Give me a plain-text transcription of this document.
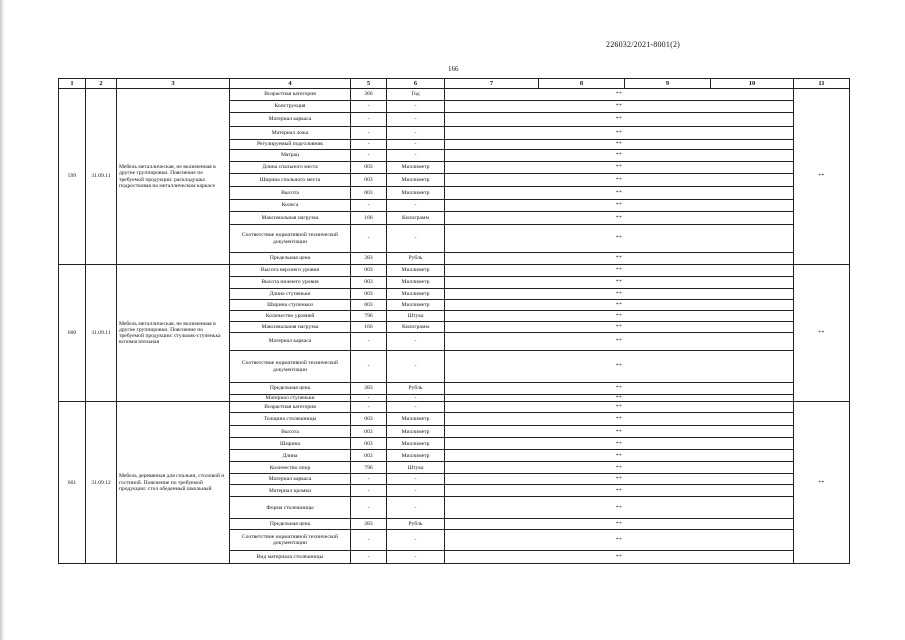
226032/2021-8001(2)
166
1	2	3	4	5	6	7	8	9	10	11
599	31.09.11	Мебель металлическая, не включенная в другие группировки. Пояснение по требуемой продукции: раскладушка подростковая на металлическом каркасе	Возрастная категория	366	Год	**				**
			Конструкция	-	-	**				
			Материал каркаса	-	-	**				
			Материал ложа	-	-	**				
			Регулируемый подголовник	-	-	**				
			Матрац	-	-	**				
			Длина спального места	003	Миллиметр	**				
			Ширина спального места	003	Миллиметр	**				
			Высота	003	Миллиметр	**				
			Колеса	-	-	**				
			Максимальная нагрузка	166	Килограмм	**				
			Соответствие нормативной технической документации	-	-	**				
			Предельная цена	383	Рубль	**				
600	31.09.11	Мебель металлическая, не включенная в другие группировки. Пояснение по требуемой продукции: стульчик-ступенька вспомогательная	Высота верхнего уровня	003	Миллиметр	**				**
			Высота нижнего уровня	003	Миллиметр	**				
			Длина ступеньки	003	Миллиметр	**				
			Ширина ступеньки	003	Миллиметр	**				
			Количество уровней	796	Штука	**				
			Максимальная нагрузка	166	Килограмм	**				
			Материал каркаса	-	-	**				
			Соответствие нормативной технической документации	-	-	**				
			Предельная цена	383	Рубль	**				
			Материал ступеньки	-	-	**				
601	31.09.12	Мебель деревянная для спальни, столовой и гостиной. Пояснение по требуемой продукции: стол обеденный школьный	Возрастная категория	-	-	**				**
			Толщина столешницы	003	Миллиметр	**				
			Высота	003	Миллиметр	**				
			Ширина	003	Миллиметр	**				
			Длина	003	Миллиметр	**				
			Количество опор	796	Штука	**				
			Материал каркаса	-	-	**				
			Материал кромки	-	-	**				
			Форма столешницы	-	-	**				
			Предельная цена	383	Рубль	**				
			Соответствие нормативной технической документации	-	-	**				
			Вид материала столешницы	-	-	**				
